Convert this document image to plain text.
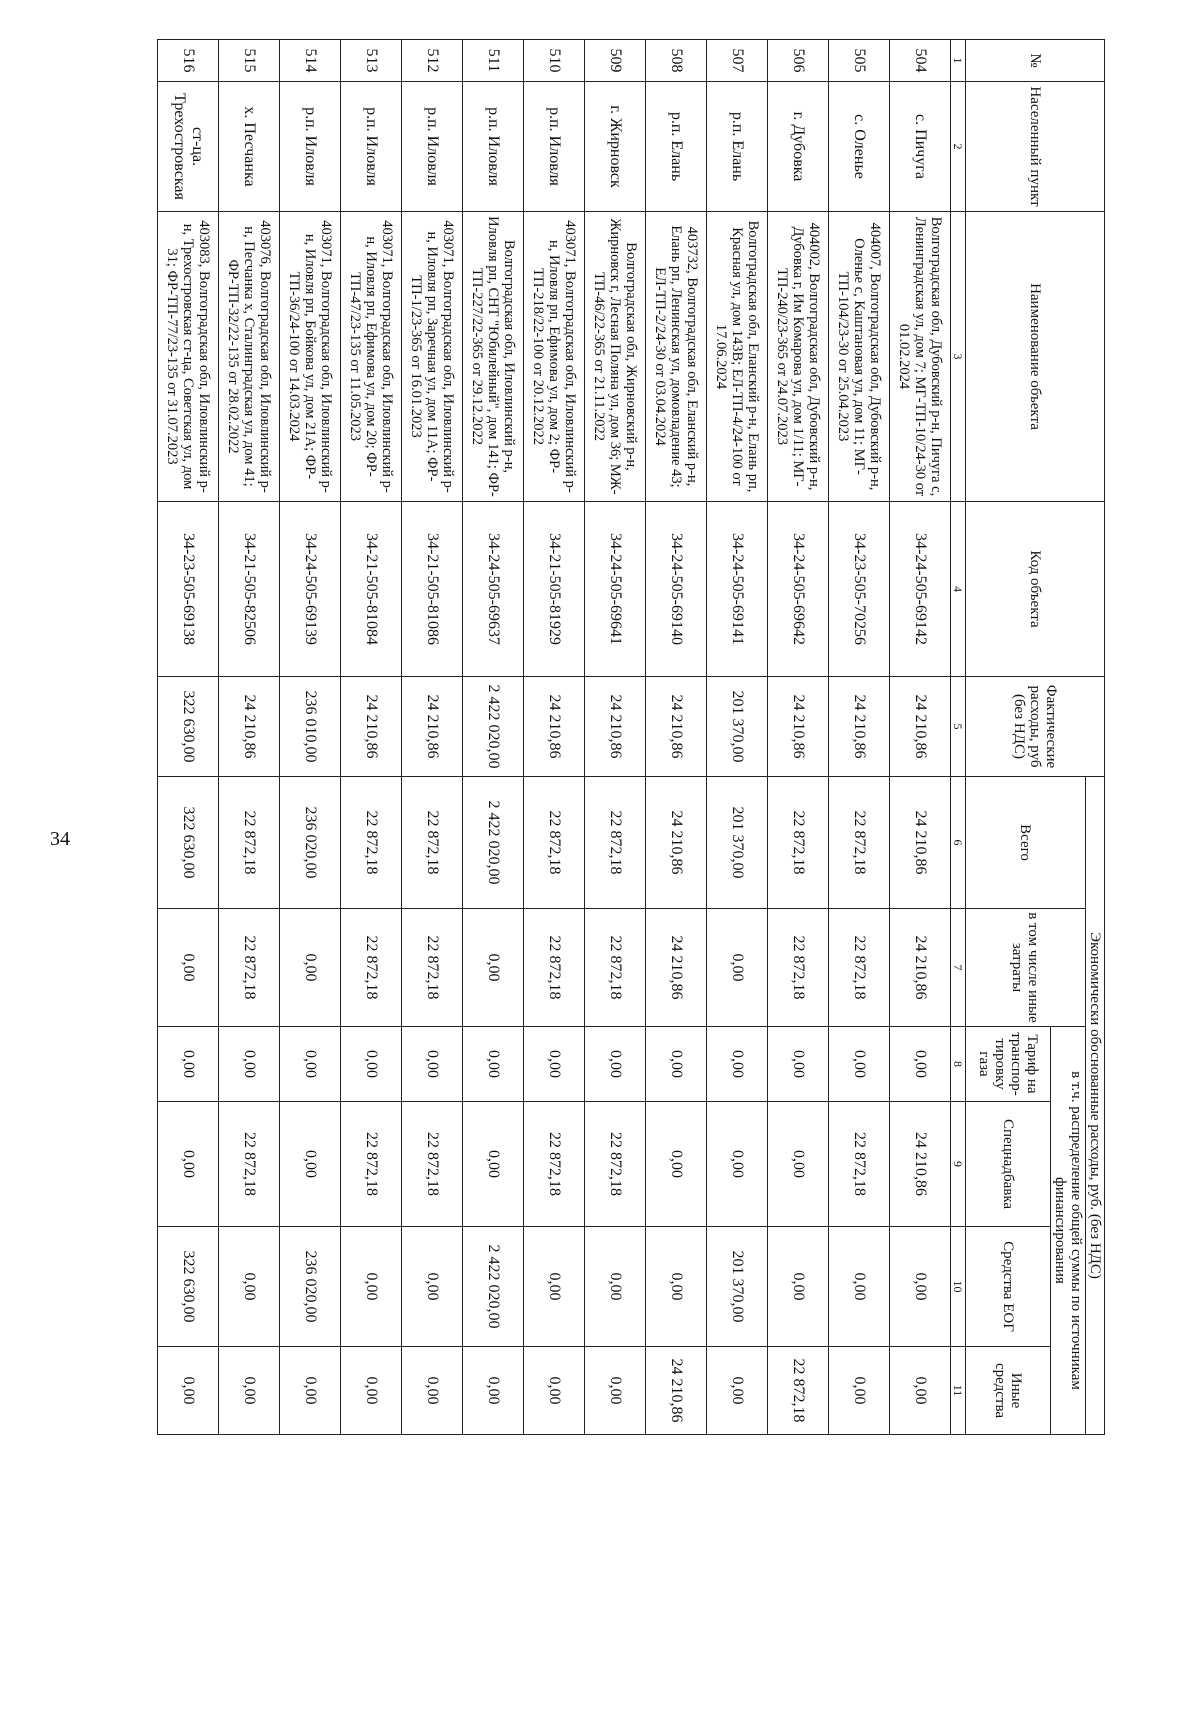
34
№	Населенный пункт	Наименование объекта	Код объекта	Фактические расходы, руб (без НДС)	Экономически обоснованные расходы, руб. (без НДС)					
					Всего	в том числе иные затраты	в т.ч. распределение общей суммы по источникам финансирования			
							Тариф на транспор-тировку газа	Спецнадбавка	Средства ЕОГ	Иные средства
1	2	3	4	5	6	7	8	9	10	11
504	с. Пичуга	Волгоградская обл, Дубовский р-н, Пичуга с, Ленинградская ул, дом 7; МГ-ТП-10/24-30 от 01.02.2024	34-24-505-69142	24 210,86	24 210,86	24 210,86	0,00	24 210,86	0,00	0,00
505	с. Оленье	404007, Волгоградская обл, Дубовский р-н, Оленье с, Каштановая ул, дом 11; МГ-ТП-104/23-30 от 25.04.2023	34-23-505-70256	24 210,86	22 872,18	22 872,18	0,00	22 872,18	0,00	0,00
506	г. Дубовка	404002, Волгоградская обл, Дубовский р-н, Дубовка г, Им Комарова ул, дом 1/11; МГ-ТП-240/23-365 от 24.07.2023	34-24-505-69642	24 210,86	22 872,18	22 872,18	0,00	0,00	0,00	22 872,18
507	р.п. Елань	Волгоградская обл, Еланский р-н, Елань рп, Красная ул, дом 143В; ЕЛ-ТП-4/24-100 от 17.06.2024	34-24-505-69141	201 370,00	201 370,00	0,00	0,00	0,00	201 370,00	0,00
508	р.п. Елань	403732, Волгоградская обл, Еланский р-н, Елань рп, Ленинская ул, домовладение 43; ЕЛ-ТП-2/24-30 от 03.04.2024	34-24-505-69140	24 210,86	24 210,86	24 210,86	0,00	0,00	0,00	24 210,86
509	г. Жирновск	Волгоградская обл, Жирновский р-н, Жирновск г, Лесная Поляна ул, дом 36; МЖ-ТП-46/22-365 от 21.11.2022	34-24-505-69641	24 210,86	22 872,18	22 872,18	0,00	22 872,18	0,00	0,00
510	р.п. Иловля	403071, Волгоградская обл, Иловлинский р-н, Иловля рп, Ефимова ул, дом 2; ФР-ТП-218/22-100 от 20.12.2022	34-21-505-81929	24 210,86	22 872,18	22 872,18	0,00	22 872,18	0,00	0,00
511	р.п. Иловля	Волгоградская обл, Иловлинский р-н, Иловля рп, СНТ "Юбилейный", дом 141; ФР-ТП-227/22-365 от 29.12.2022	34-24-505-69637	2 422 020,00	2 422 020,00	0,00	0,00	0,00	2 422 020,00	0,00
512	р.п. Иловля	403071, Волгоградская обл, Иловлинский р-н, Иловля рп, Заречная ул, дом 11А; ФР-ТП-1/23-365 от 16.01.2023	34-21-505-81086	24 210,86	22 872,18	22 872,18	0,00	22 872,18	0,00	0,00
513	р.п. Иловля	403071, Волгоградская обл, Иловлинский р-н, Иловля рп, Ефимова ул, дом 20; ФР-ТП-47/23-135 от 11.05.2023	34-21-505-81084	24 210,86	22 872,18	22 872,18	0,00	22 872,18	0,00	0,00
514	р.п. Иловля	403071, Волгоградская обл, Иловлинский р-н, Иловля рп, Бойкова ул, дом 21А; ФР-ТП-36/24-100 от 14.03.2024	34-24-505-69139	236 010,00	236 020,00	0,00	0,00	0,00	236 020,00	0,00
515	х. Песчанка	403076, Волгоградская обл, Иловлинский р-н, Песчанка х, Сталинградская ул, дом 41; ФР-ТП-32/22-135 от 28.02.2022	34-21-505-82506	24 210,86	22 872,18	22 872,18	0,00	22 872,18	0,00	0,00
516	ст-ца. Трехостровская	403083, Волгоградская обл, Иловлинский р-н, Трехостровская ст-ца, Советская ул, дом 31; ФР-ТП-77/23-135 от 31.07.2023	34-23-505-69138	322 630,00	322 630,00	0,00	0,00	0,00	322 630,00	0,00
